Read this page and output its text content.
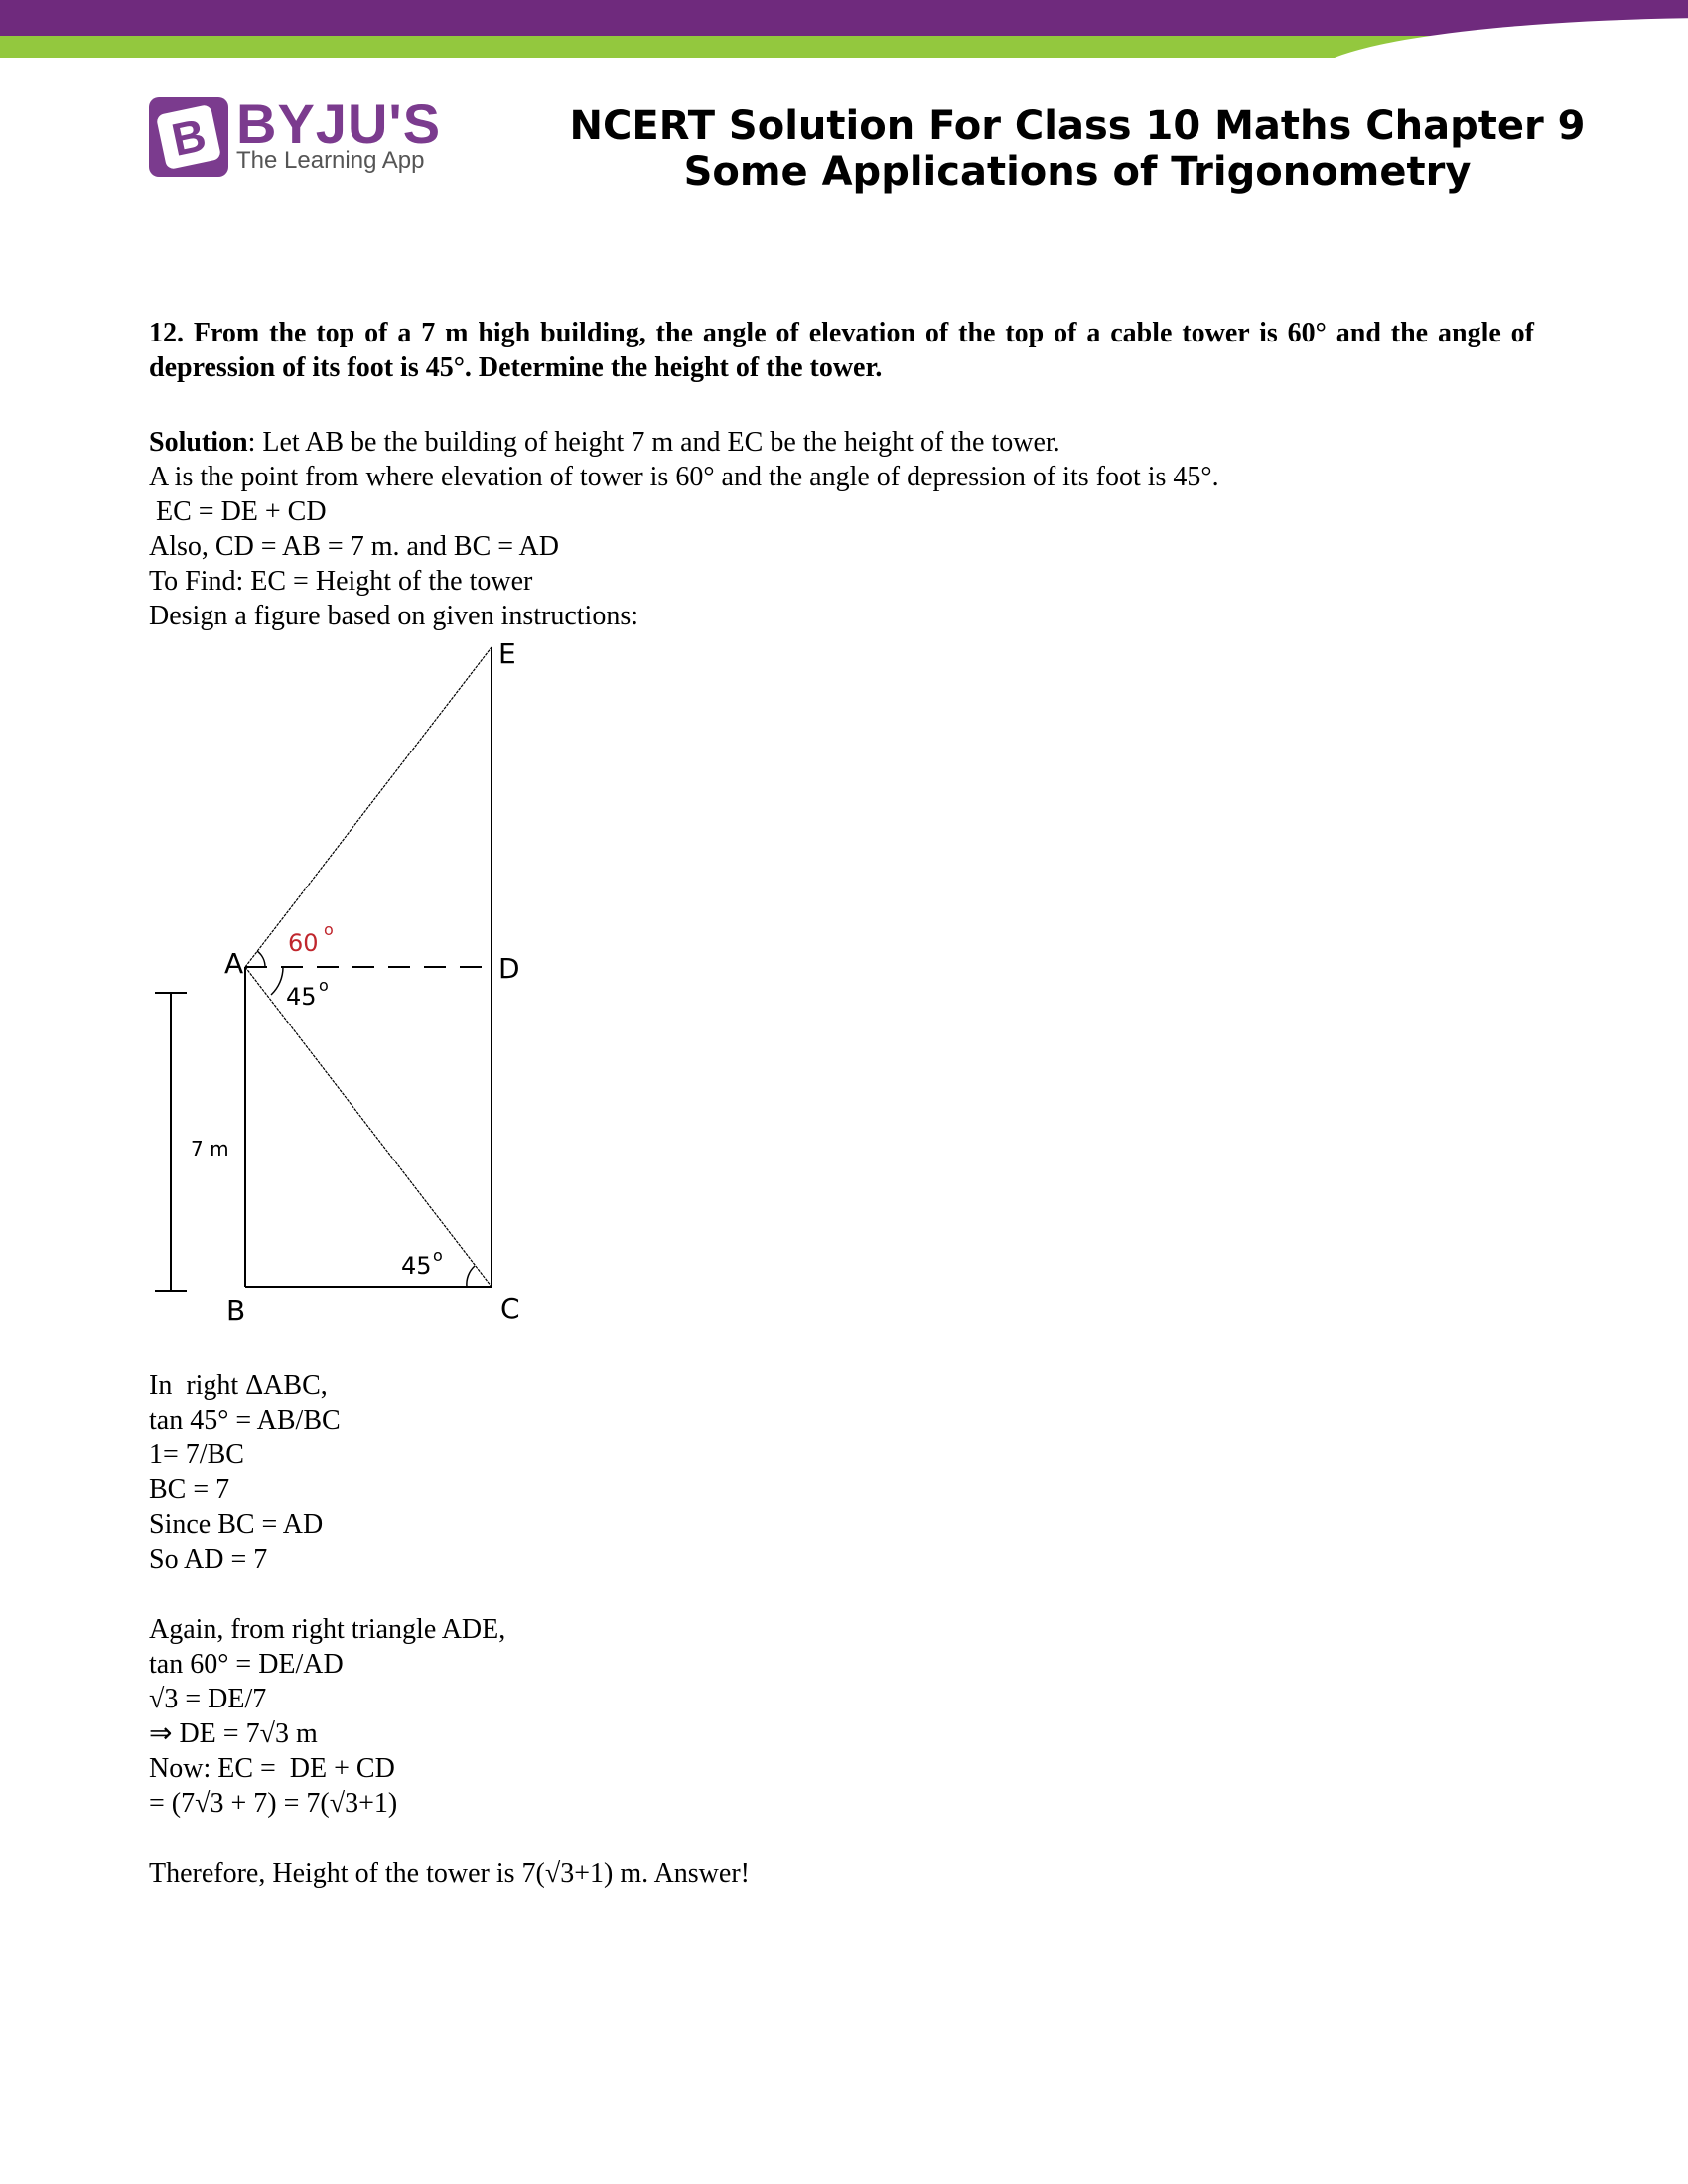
B BYJU'S
The Learning App
NCERT Solution For Class 10 Maths Chapter 9 Some Applications of Trigonometry
12. From the top of a 7 m high building, the angle of elevation of the top of a cable tower is 60° and the angle of depression of its foot is 45°. Determine the height of the tower.
Solution: Let AB be the building of height 7 m and EC be the height of the tower.
A is the point from where elevation of tower is 60° and the angle of depression of its foot is 45°.
EC = DE + CD
Also, CD = AB = 7 m. and BC = AD
To Find: EC = Height of the tower
Design a figure based on given instructions:
E
A	D
B	C
60 o
45 o
45 o
7 m
In  right ΔABC,
tan 45° = AB/BC
1= 7/BC
BC = 7
Since BC = AD
So AD = 7
Again, from right triangle ADE,
tan 60° = DE/AD
√3 = DE/7
⇒ DE = 7√3 m
Now: EC =  DE + CD
= (7√3 + 7) = 7(√3+1)
Therefore, Height of the tower is 7(√3+1) m. Answer!
